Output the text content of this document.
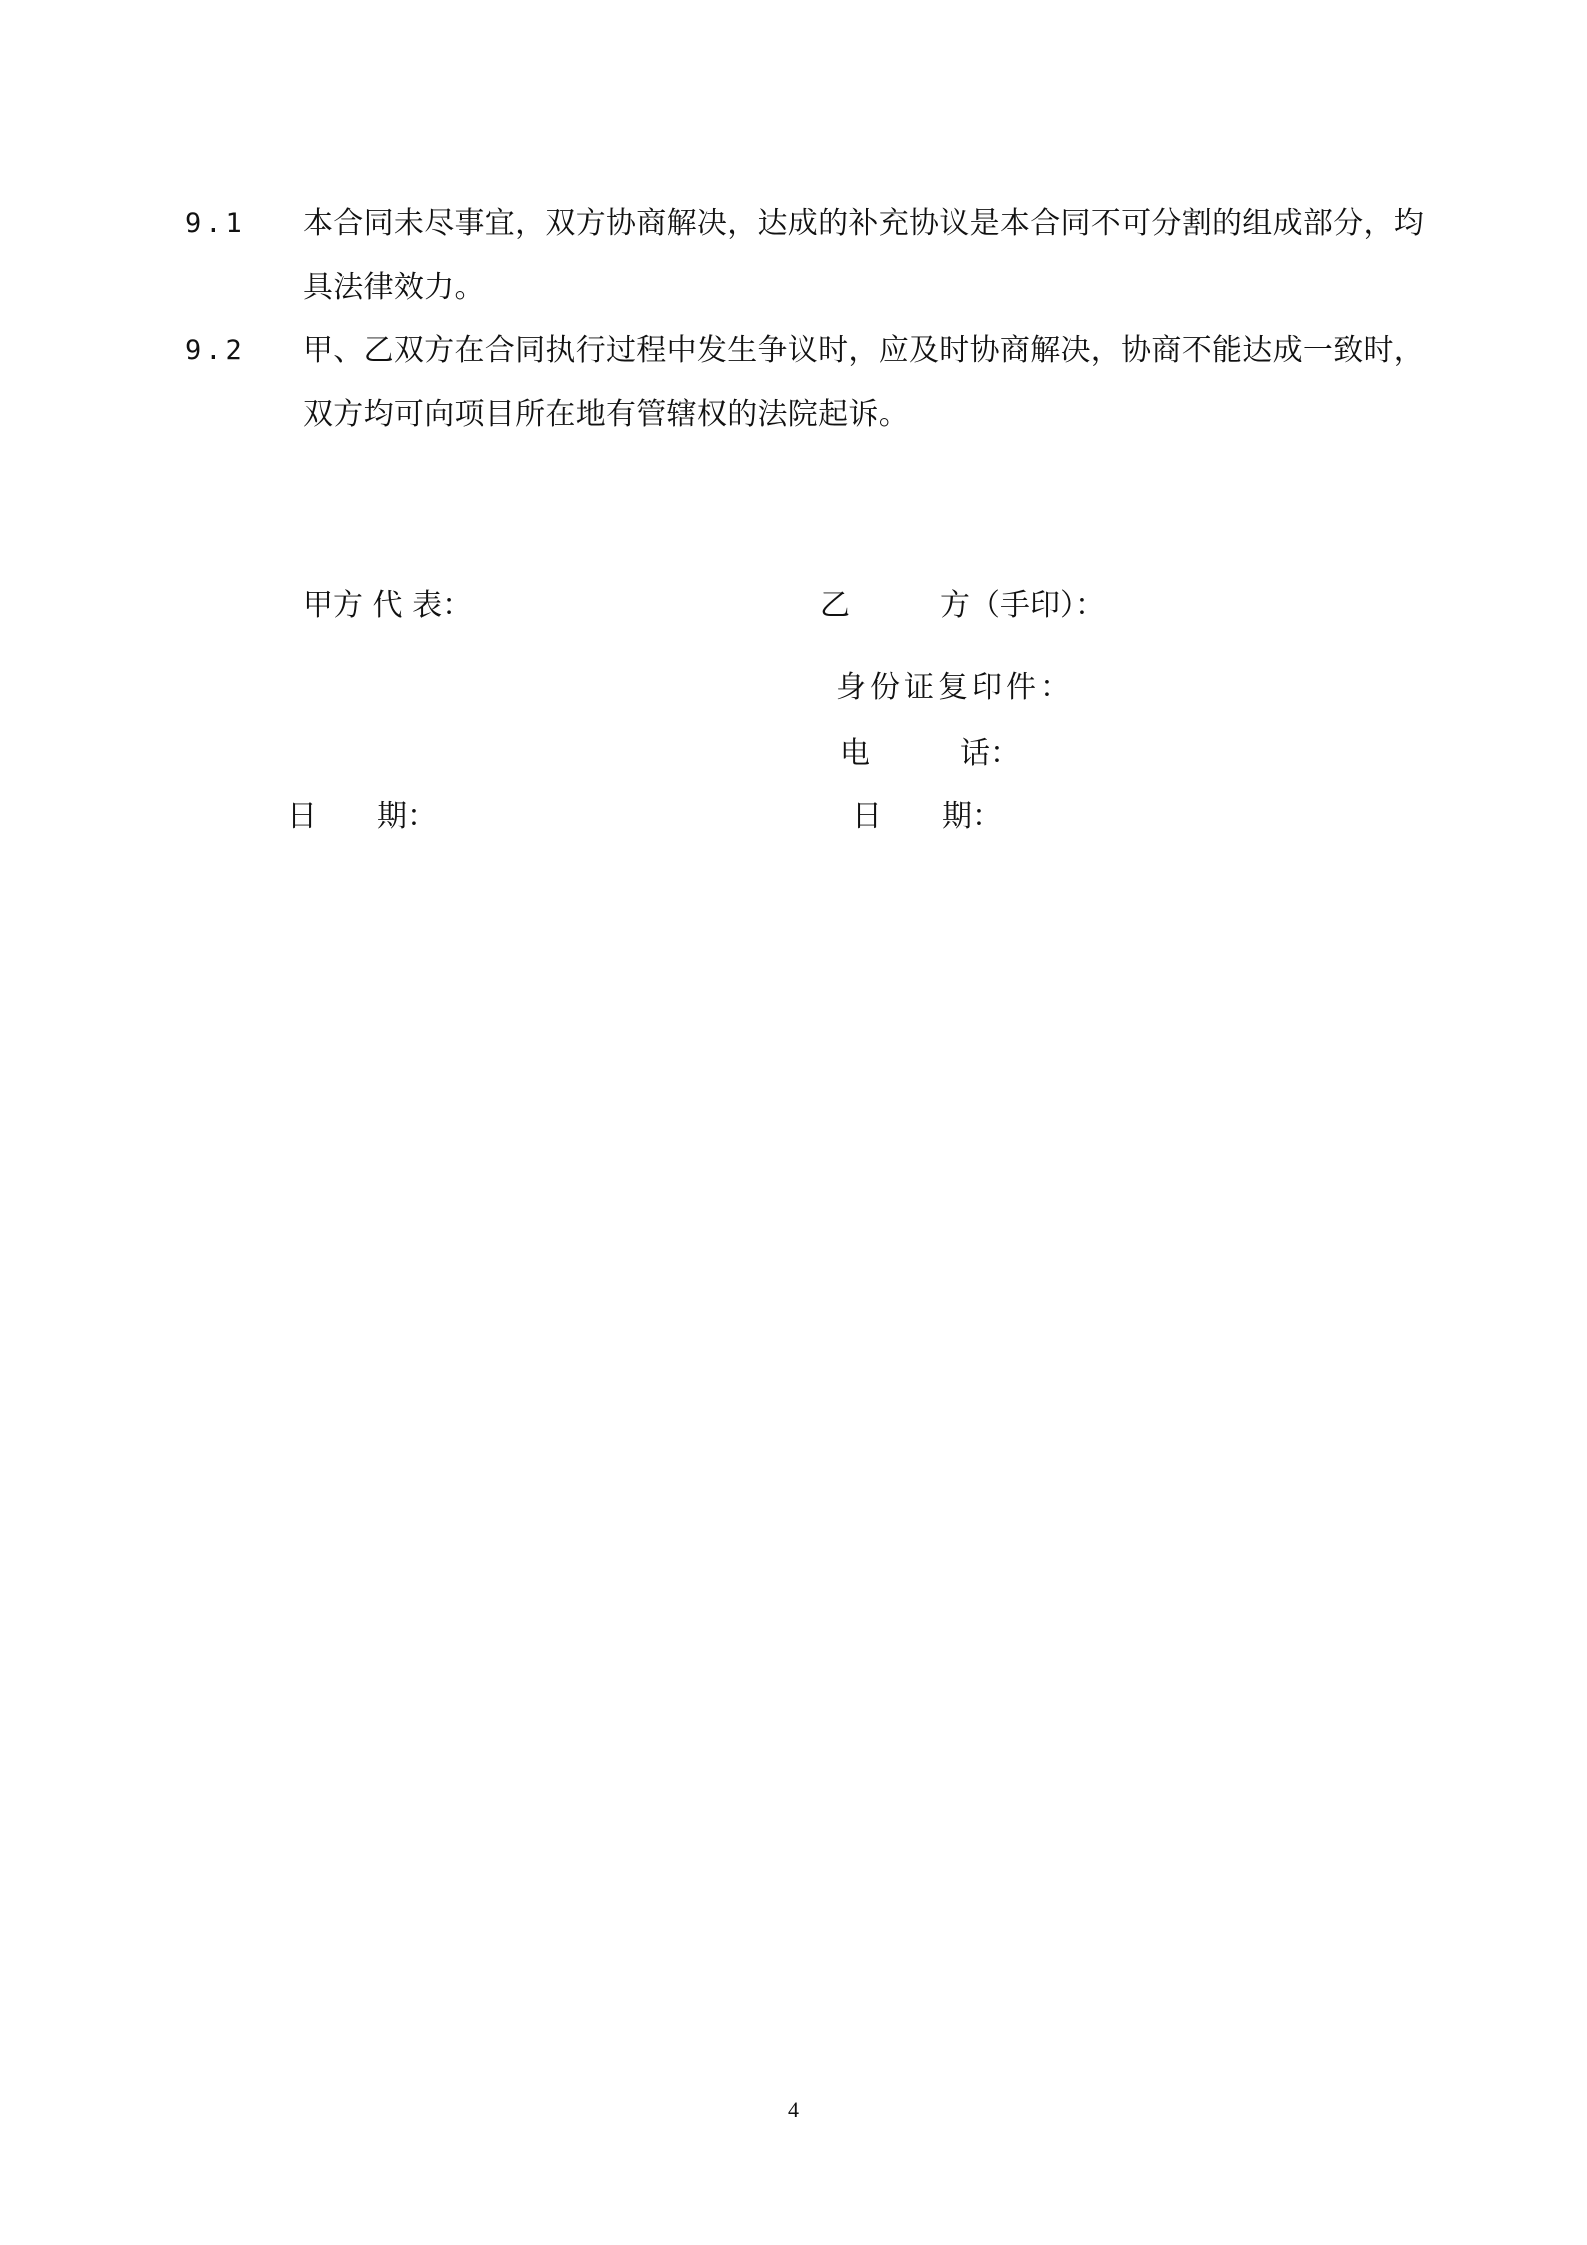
9.1 本合同未尽事宜，双方协商解决，达成的补充协议是本合同不可分割的组成部分，均具法律效力。
9.2 甲、乙双方在合同执行过程中发生争议时，应及时协商解决，协商不能达成一致时，双方均可向项目所在地有管辖权的法院起诉。
甲方 代 表：	乙　　　方（手印）：
身份证复印件：
电　　　话：
日　　期：	日　　期：
4
